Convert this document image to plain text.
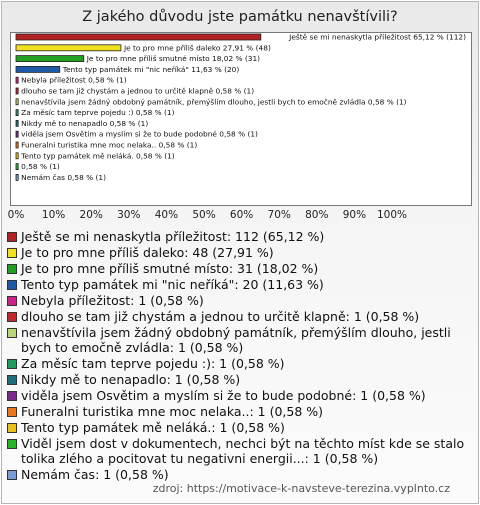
Z jakého důvodu jste památku nenavštívili?
Ještě se mi nenaskytla příležitost 65,12 % (112)
Je to pro mne příliš daleko 27,91 % (48)
Je to pro mne příliš smutné místo 18,02 % (31)
Tento typ památek mi "nic neříká" 11,63 % (20)
Nebyla příležitost 0,58 % (1)
dlouho se tam již chystám a jednou to určitě klapně 0,58 % (1)
nenavštívila jsem žádný obdobný památník, přemýšlím dlouho, jestli bych to emočně zvládla 0,58 % (1)
Za měsíc tam teprve pojedu :) 0,58 % (1)
Nikdy mě to nenapadlo 0,58 % (1)
viděla jsem Osvětim a myslím si že to bude podobné 0,58 % (1)
Funeralni turistika mne moc nelaka.. 0,58 % (1)
Tento typ památek mě neláká. 0,58 % (1)
0,58 % (1)
Nemám čas 0,58 % (1)
0% 10% 20% 30% 40% 50% 60% 70% 80% 90% 100%
Ještě se mi nenaskytla příležitost: 112 (65,12 %)
Je to pro mne příliš daleko: 48 (27,91 %)
Je to pro mne příliš smutné místo: 31 (18,02 %)
Tento typ památek mi "nic neříká": 20 (11,63 %)
Nebyla příležitost: 1 (0,58 %)
dlouho se tam již chystám a jednou to určitě klapně: 1 (0,58 %)
nenavštívila jsem žádný obdobný památník, přemýšlím dlouho, jestli bych to emočně zvládla: 1 (0,58 %)
Za měsíc tam teprve pojedu :): 1 (0,58 %)
Nikdy mě to nenapadlo: 1 (0,58 %)
viděla jsem Osvětim a myslím si že to bude podobné: 1 (0,58 %)
Funeralni turistika mne moc nelaka..: 1 (0,58 %)
Tento typ památek mě neláká.: 1 (0,58 %)
Viděl jsem dost v dokumentech, nechci být na těchto míst kde se stalo tolika zlého a pocitovat tu negativni energii...: 1 (0,58 %)
Nemám čas: 1 (0,58 %)
zdroj: https://motivace-k-navsteve-terezina.vyplnto.cz
